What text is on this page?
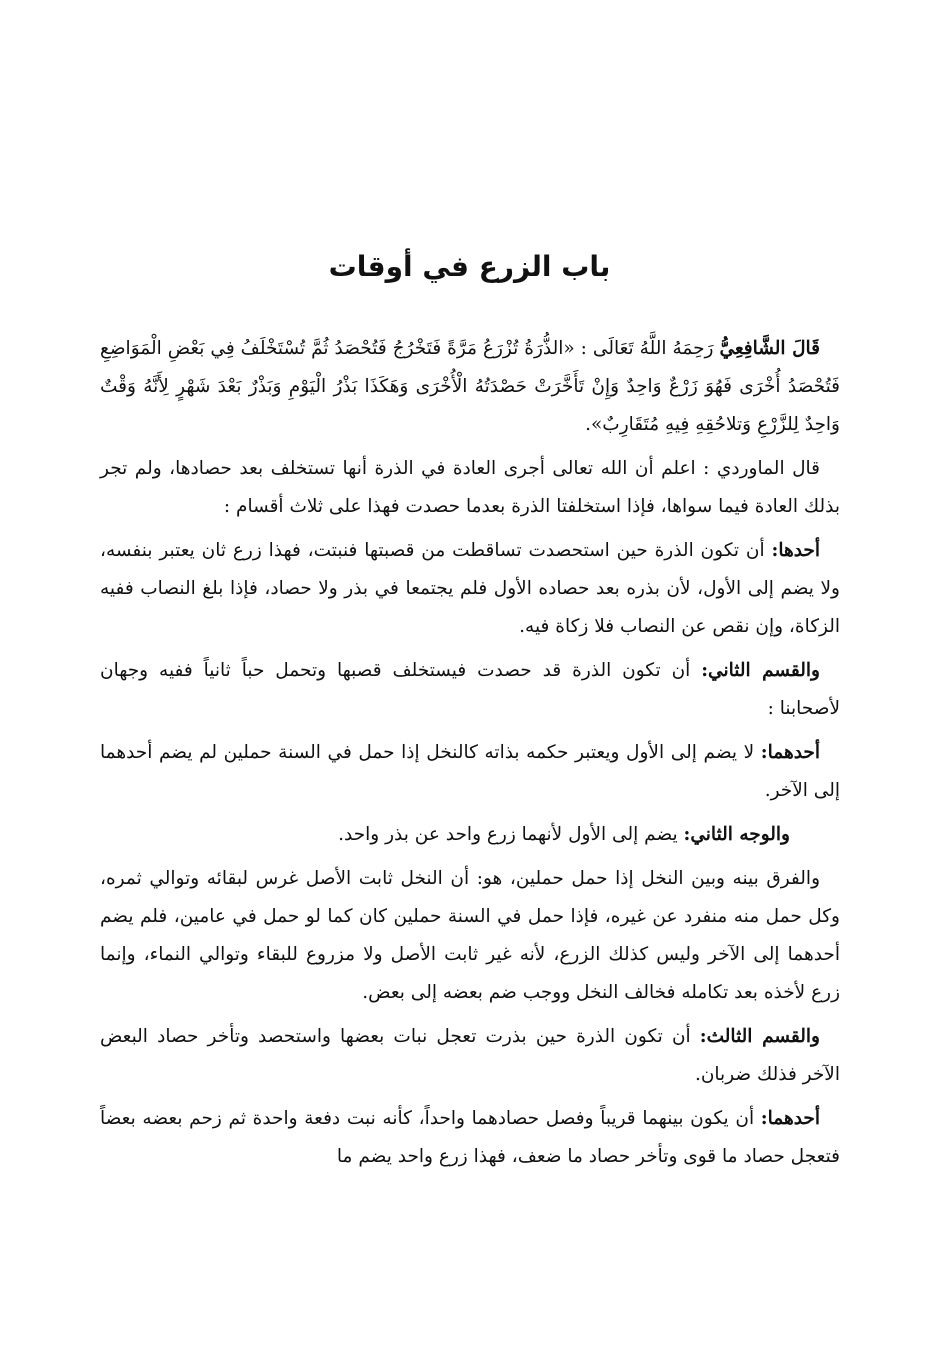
باب الزرع في أوقات

قَالَ الشَّافِعِيُّ رَحِمَهُ اللَّهُ تَعَالَى : «الذُّرَةُ تُزْرَعُ مَرَّةً فَتَخْرُجُ فَتُحْصَدُ ثُمَّ تُسْتَخْلَفُ فِي بَعْضِ الْمَوَاضِعِ فَتُحْصَدُ أُخْرَى فَهُوَ زَرْعٌ وَاحِدٌ وَإِنْ تَأَخَّرَتْ حَصْدَتُهُ الْأُخْرَى وَهَكَذَا بَذْرُ الْيَوْمِ وَبَذْرٌ بَعْدَ شَهْرٍ لِأَنَّهُ وَقْتٌ وَاحِدٌ لِلزَّرْعِ وَتلاحُقِهِ فِيهِ مُتَقَارِبٌ».

قال الماوردي : اعلم أن الله تعالى أجرى العادة في الذرة أنها تستخلف بعد حصادها، ولم تجر بذلك العادة فيما سواها، فإذا استخلفتا الذرة بعدما حصدت فهذا على ثلاث أقسام :

أحدها: أن تكون الذرة حين استحصدت تساقطت من قصبتها فنبتت، فهذا زرع ثان يعتبر بنفسه، ولا يضم إلى الأول، لأن بذره بعد حصاده الأول فلم يجتمعا في بذر ولا حصاد، فإذا بلغ النصاب ففيه الزكاة، وإن نقص عن النصاب فلا زكاة فيه.

والقسم الثاني: أن تكون الذرة قد حصدت فيستخلف قصبها وتحمل حباً ثانياً ففيه وجهان لأصحابنا :

أحدهما: لا يضم إلى الأول ويعتبر حكمه بذاته كالنخل إذا حمل في السنة حملين لم يضم أحدهما إلى الآخر.

والوجه الثاني: يضم إلى الأول لأنهما زرع واحد عن بذر واحد.

والفرق بينه وبين النخل إذا حمل حملين، هو: أن النخل ثابت الأصل غرس لبقائه وتوالي ثمره، وكل حمل منه منفرد عن غيره، فإذا حمل في السنة حملين كان كما لو حمل في عامين، فلم يضم أحدهما إلى الآخر وليس كذلك الزرع، لأنه غير ثابت الأصل ولا مزروع للبقاء وتوالي النماء، وإنما زرع لأخذه بعد تكامله فخالف النخل ووجب ضم بعضه إلى بعض.

والقسم الثالث: أن تكون الذرة حين بذرت تعجل نبات بعضها واستحصد وتأخر حصاد البعض الآخر فذلك ضربان.

أحدهما: أن يكون بينهما قريباً وفصل حصادهما واحداً، كأنه نبت دفعة واحدة ثم زحم بعضه بعضاً فتعجل حصاد ما قوى وتأخر حصاد ما ضعف، فهذا زرع واحد يضم ما
